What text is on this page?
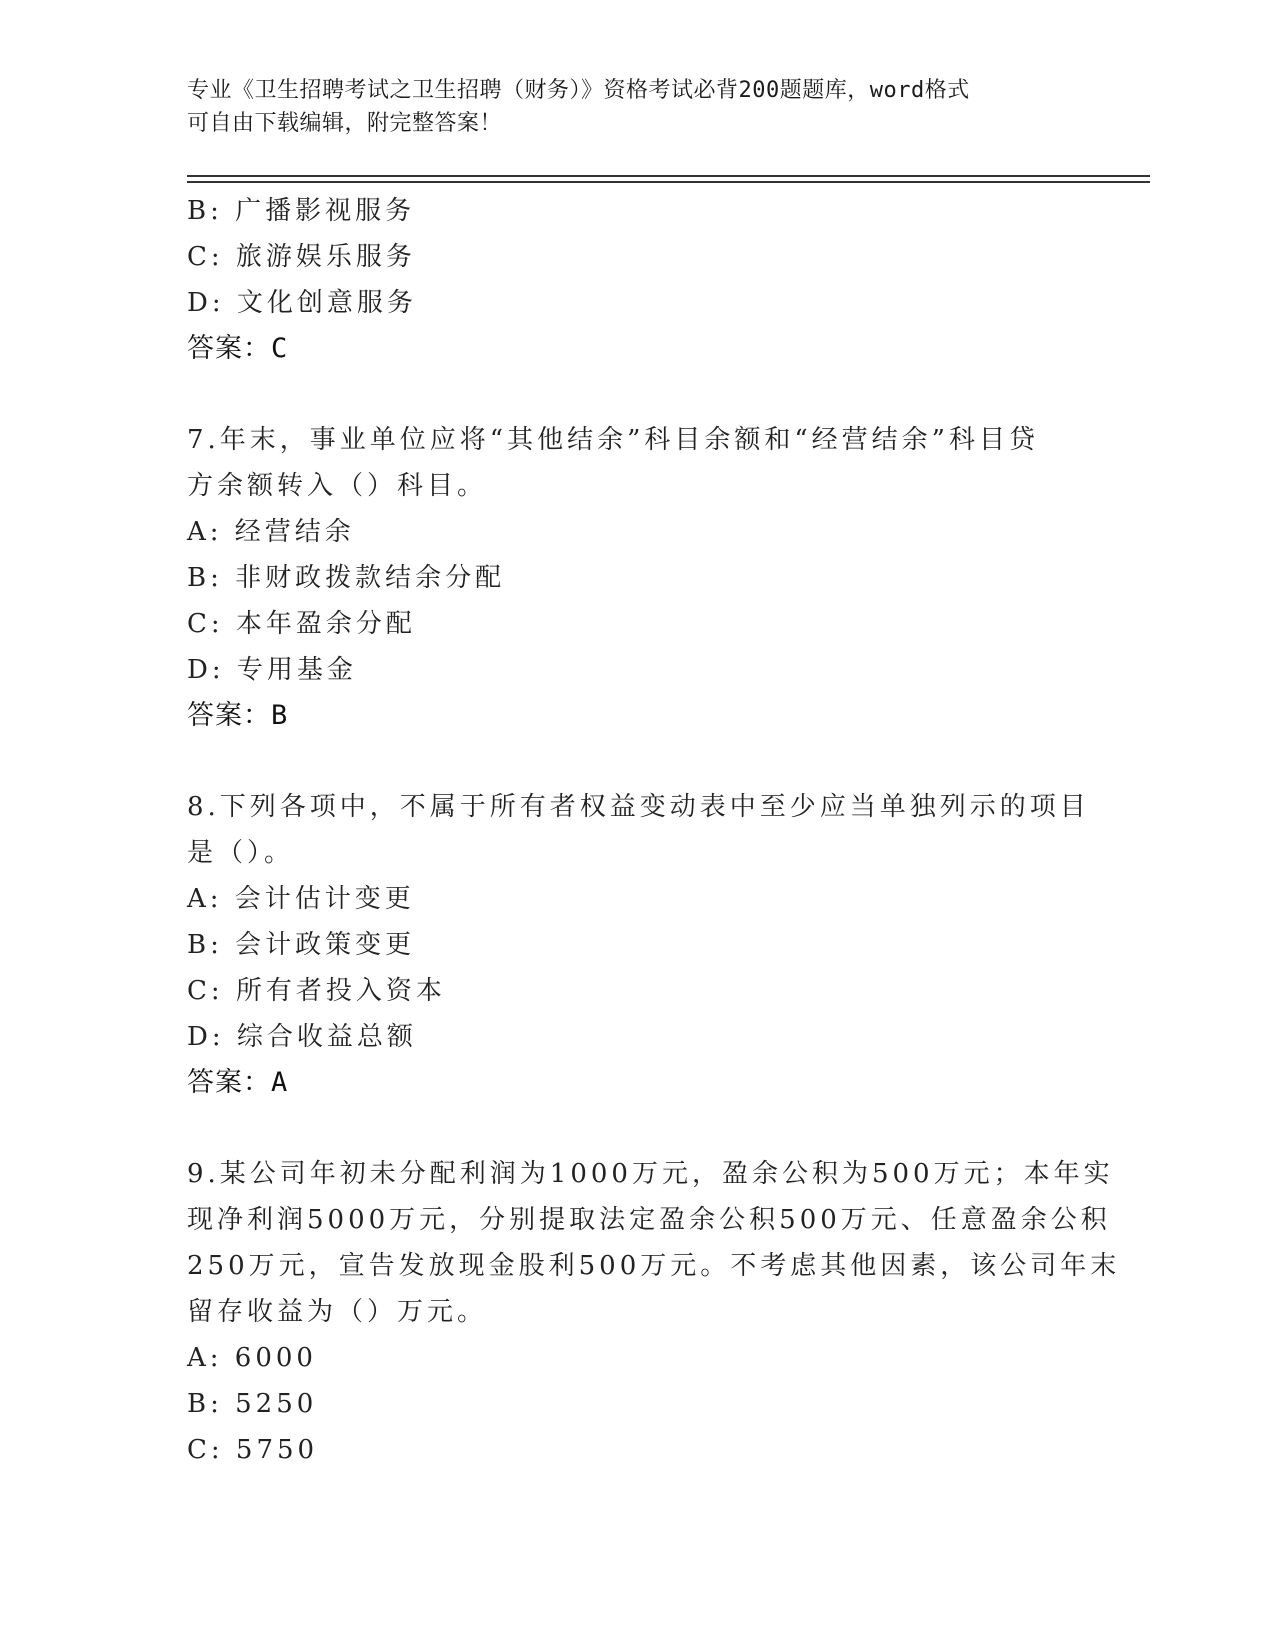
专业《卫生招聘考试之卫生招聘（财务）》资格考试必背200题题库，word格式
可自由下载编辑，附完整答案！
B: 广播影视服务
C: 旅游娱乐服务
D: 文化创意服务
答案：C
7.年末，事业单位应将“其他结余”科目余额和“经营结余”科目贷
方余额转入（）科目。
A: 经营结余
B: 非财政拨款结余分配
C: 本年盈余分配
D: 专用基金
答案：B
8.下列各项中，不属于所有者权益变动表中至少应当单独列示的项目
是（）。
A: 会计估计变更
B: 会计政策变更
C: 所有者投入资本
D: 综合收益总额
答案：A
9.某公司年初未分配利润为1000万元，盈余公积为500万元；本年实
现净利润5000万元，分别提取法定盈余公积500万元、任意盈余公积
250万元，宣告发放现金股利500万元。不考虑其他因素，该公司年末
留存收益为（）万元。
A: 6000
B: 5250
C: 5750
